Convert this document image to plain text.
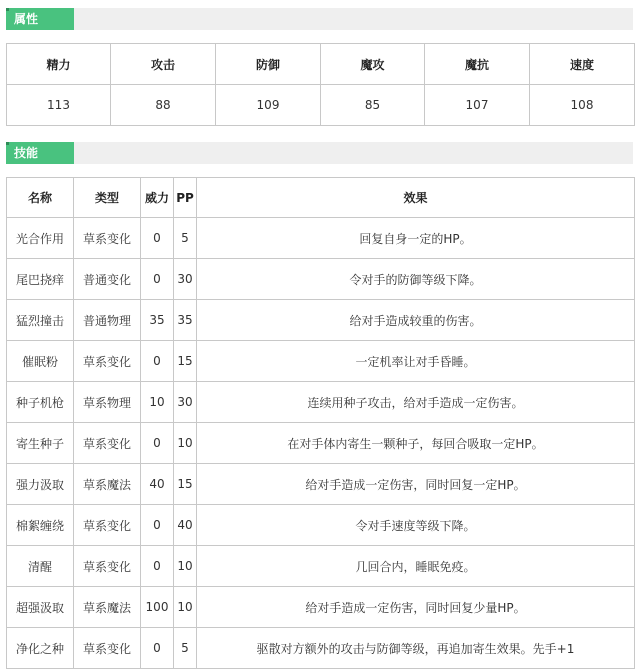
属性
精力	攻击	防御	魔攻	魔抗	速度
113	88	109	85	107	108
技能
名称	类型	威力	PP	效果
光合作用	草系变化	0	5	回复自身一定的HP。
尾巴挠痒	普通变化	0	30	令对手的防御等级下降。
猛烈撞击	普通物理	35	35	给对手造成较重的伤害。
催眠粉	草系变化	0	15	一定机率让对手昏睡。
种子机枪	草系物理	10	30	连续用种子攻击，给对手造成一定伤害。
寄生种子	草系变化	0	10	在对手体内寄生一颗种子，每回合吸取一定HP。
强力汲取	草系魔法	40	15	给对手造成一定伤害，同时回复一定HP。
棉絮缠绕	草系变化	0	40	令对手速度等级下降。
清醒	草系变化	0	10	几回合内，睡眠免疫。
超强汲取	草系魔法	100	10	给对手造成一定伤害，同时回复少量HP。
净化之种	草系变化	0	5	驱散对方额外的攻击与防御等级，再追加寄生效果。先手+1
